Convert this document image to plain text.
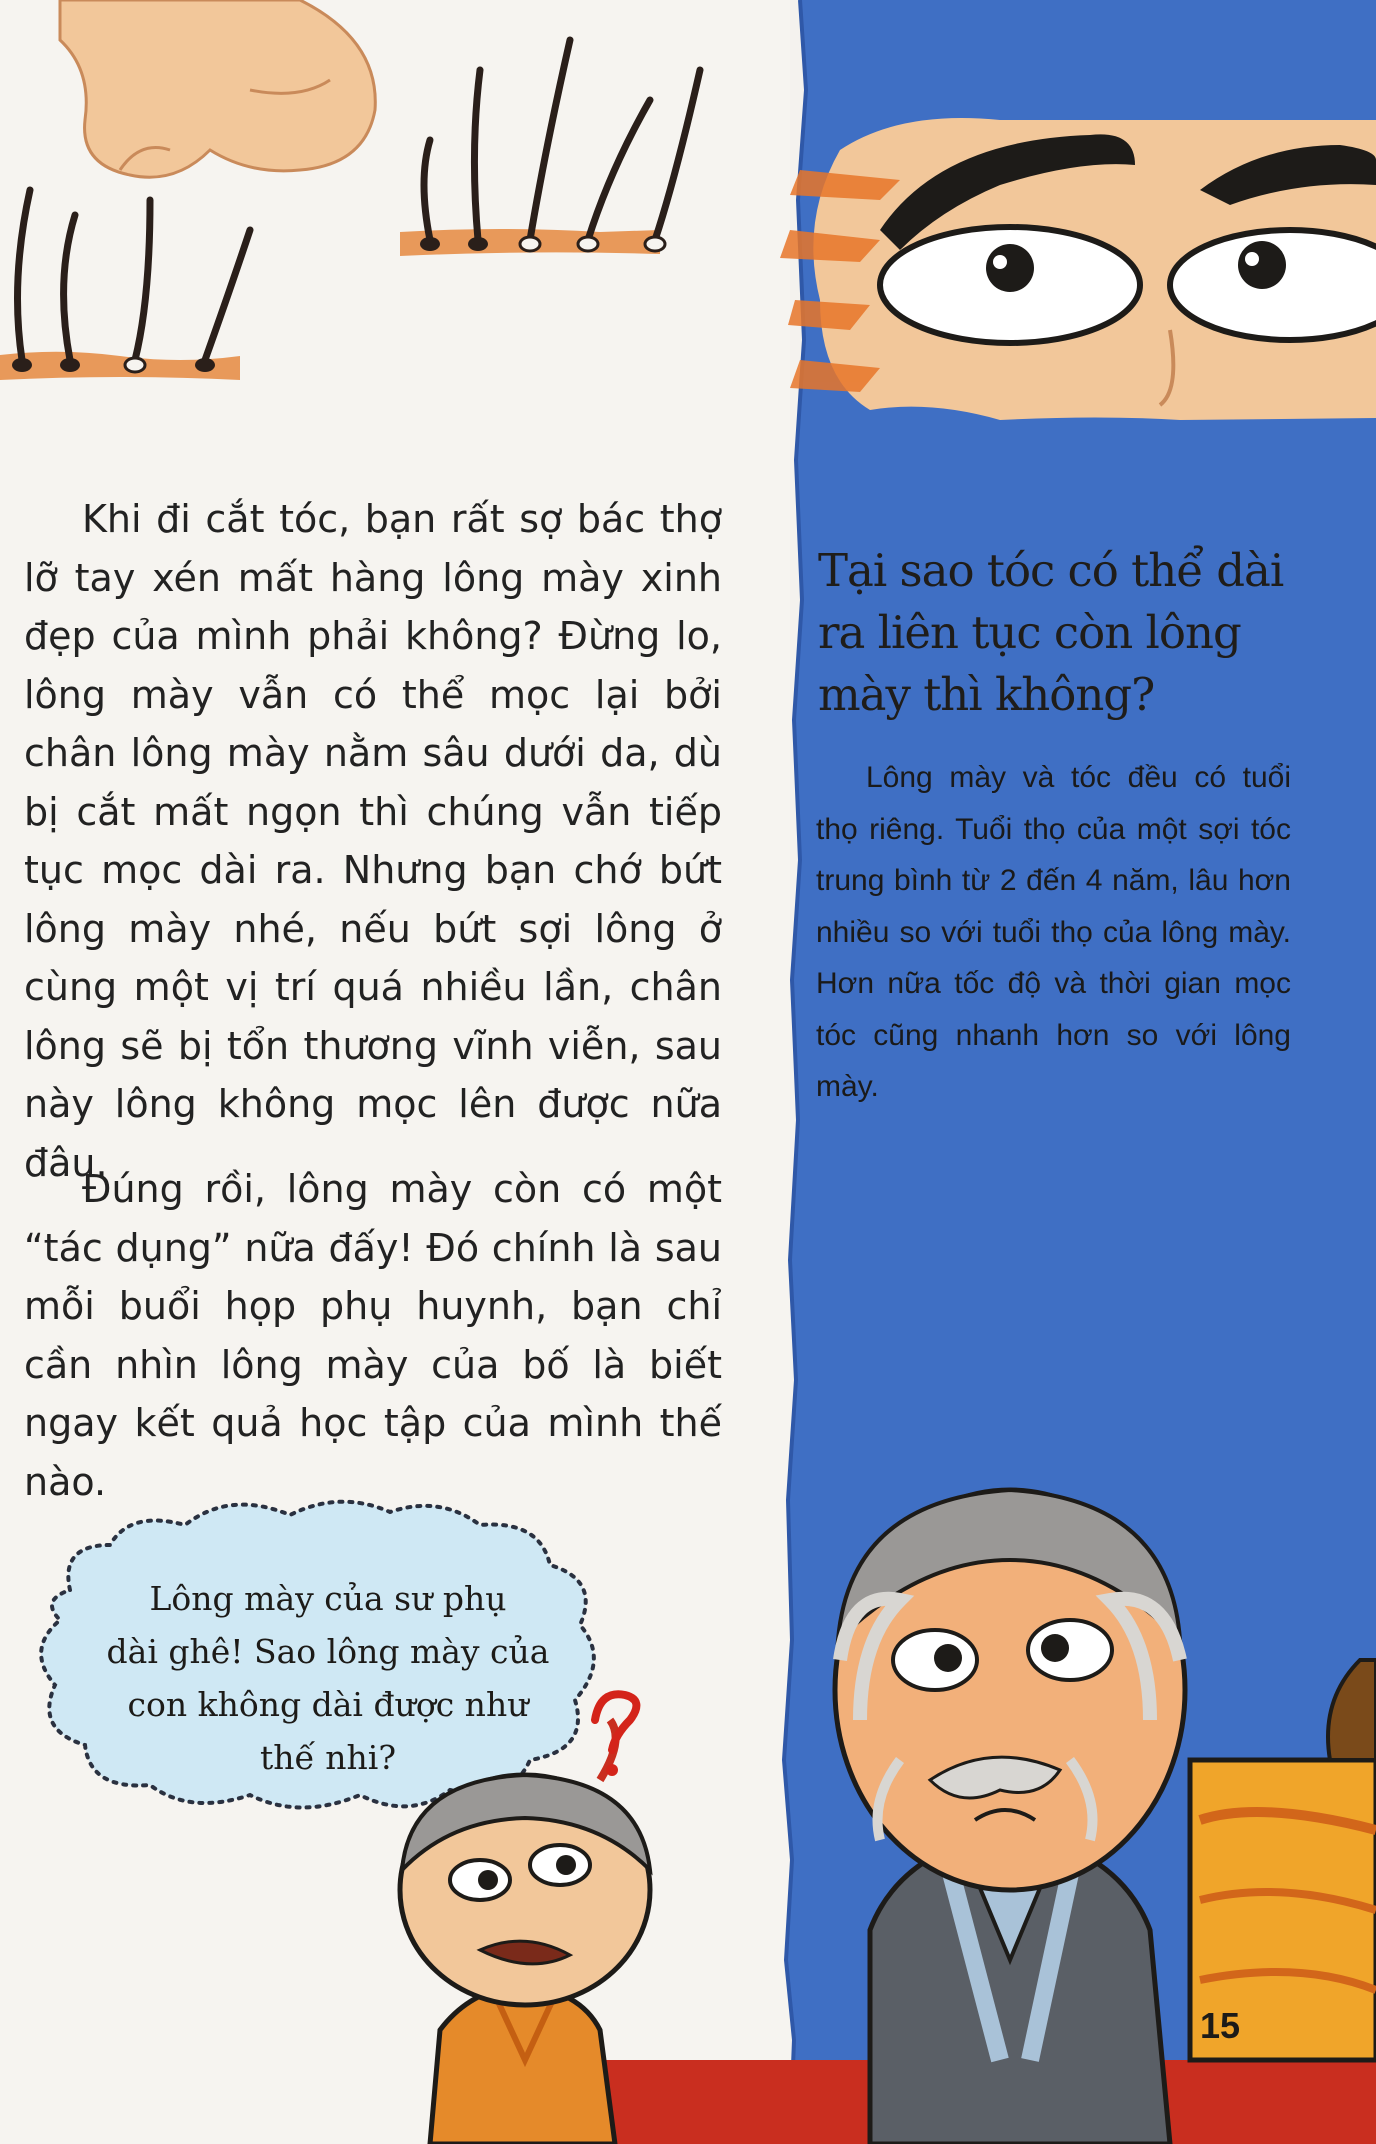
Khi đi cắt tóc, bạn rất sợ bác thợ lỡ tay xén mất hàng lông mày xinh đẹp của mình phải không? Đừng lo, lông mày vẫn có thể mọc lại bởi chân lông mày nằm sâu dưới da, dù bị cắt mất ngọn thì chúng vẫn tiếp tục mọc dài ra. Nhưng bạn chớ bứt lông mày nhé, nếu bứt sợi lông ở cùng một vị trí quá nhiều lần, chân lông sẽ bị tổn thương vĩnh viễn, sau này lông không mọc lên được nữa đâu.

Đúng rồi, lông mày còn có một “tác dụng” nữa đấy! Đó chính là sau mỗi buổi họp phụ huynh, bạn chỉ cần nhìn lông mày của bố là biết ngay kết quả học tập của mình thế nào.

Tại sao tóc có thể dài ra liên tục còn lông mày thì không?

Lông mày và tóc đều có tuổi thọ riêng. Tuổi thọ của một sợi tóc trung bình từ 2 đến 4 năm, lâu hơn nhiều so với tuổi thọ của lông mày. Hơn nữa tốc độ và thời gian mọc tóc cũng nhanh hơn so với lông mày.

Lông mày của sư phụ
dài ghê! Sao lông mày của
con không dài được như
thế nhi?
15
